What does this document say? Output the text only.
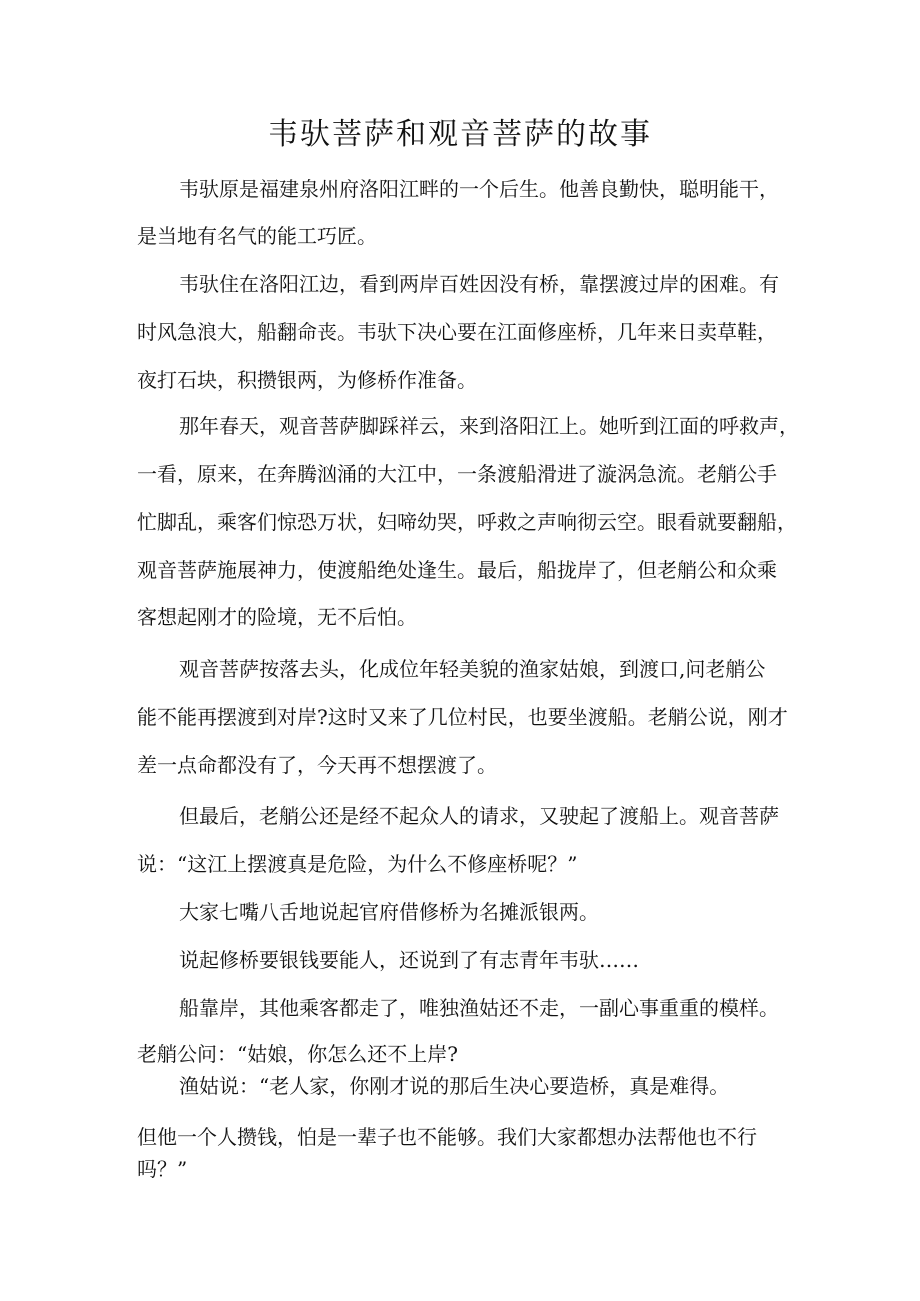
韦驮菩萨和观音菩萨的故事

韦驮原是福建泉州府洛阳江畔的一个后生。他善良勤快，聪明能干，

是当地有名气的能工巧匠。

韦驮住在洛阳江边，看到两岸百姓因没有桥，靠摆渡过岸的困难。有

时风急浪大，船翻命丧。韦驮下决心要在江面修座桥，几年来日卖草鞋，

夜打石块，积攒银两，为修桥作准备。

那年春天，观音菩萨脚踩祥云，来到洛阳江上。她听到江面的呼救声，

一看，原来，在奔腾汹涌的大江中，一条渡船滑进了漩涡急流。老艄公手

忙脚乱，乘客们惊恐万状，妇啼幼哭，呼救之声响彻云空。眼看就要翻船，

观音菩萨施展神力，使渡船绝处逢生。最后，船拢岸了，但老艄公和众乘

客想起刚才的险境，无不后怕。

观音菩萨按落去头，化成位年轻美貌的渔家姑娘，到渡口,问老艄公

能不能再摆渡到对岸?这时又来了几位村民，也要坐渡船。老艄公说，刚才

差一点命都没有了，今天再不想摆渡了。

但最后，老艄公还是经不起众人的请求，又驶起了渡船上。观音菩萨

说：“这江上摆渡真是危险，为什么不修座桥呢？”

大家七嘴八舌地说起官府借修桥为名摊派银两。

说起修桥要银钱要能人，还说到了有志青年韦驮……

船靠岸，其他乘客都走了，唯独渔姑还不走，一副心事重重的模样。

老艄公问：“姑娘，你怎么还不上岸?

渔姑说：“老人家，你刚才说的那后生决心要造桥，真是难得。

但他一个人攒钱，怕是一辈子也不能够。我们大家都想办法帮他也不行

吗？”
